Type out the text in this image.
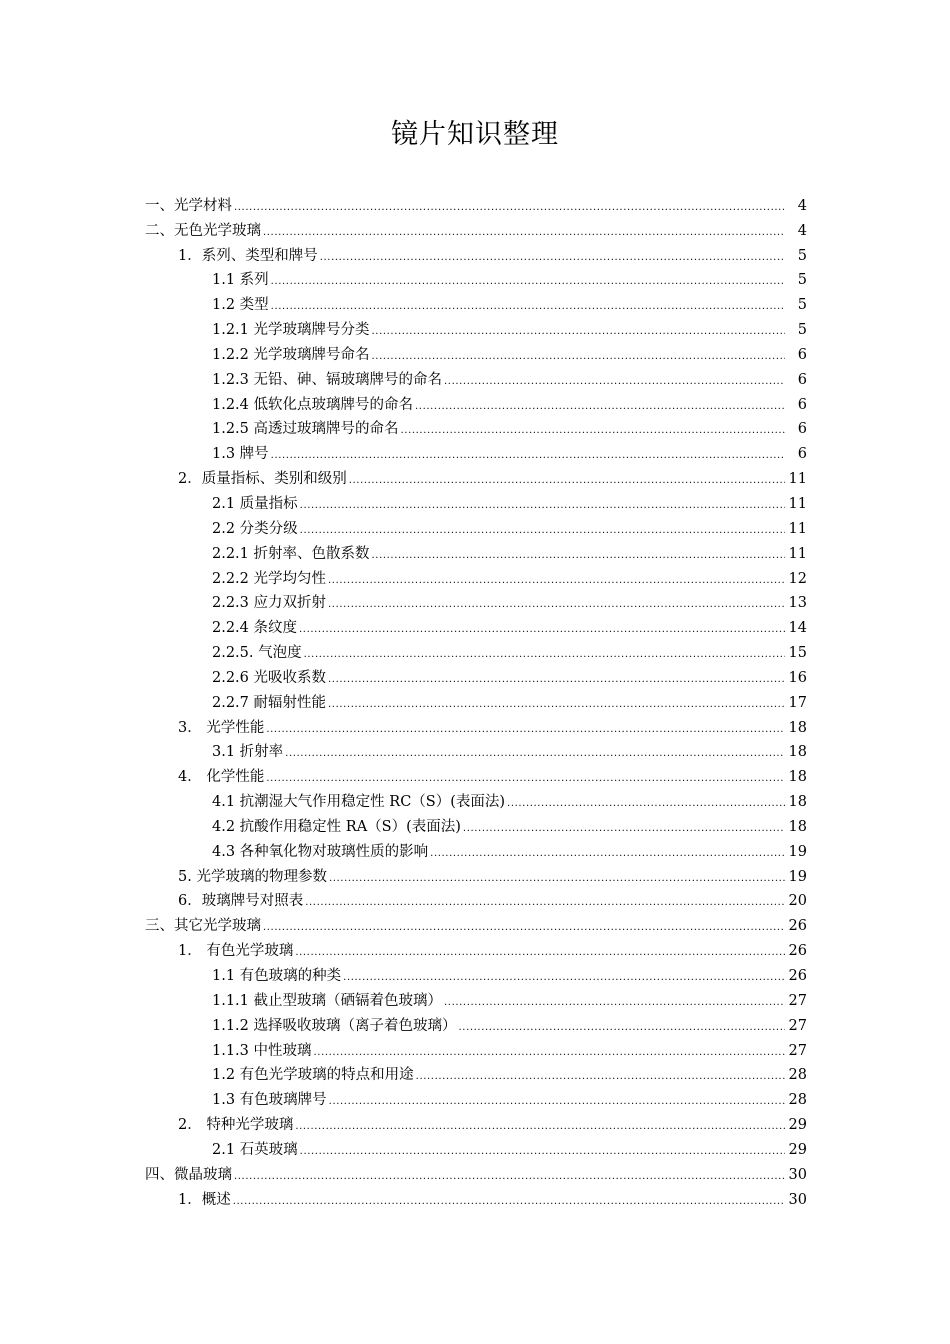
镜片知识整理
一、光学材料 .....	4
二、无色光学玻璃 .....	4
1．系列、类型和牌号 .....	5
1.1 系列 .....	5
1.2 类型 .....	5
1.2.1 光学玻璃牌号分类 .....	5
1.2.2 光学玻璃牌号命名 .....	6
1.2.3 无铅、砷、镉玻璃牌号的命名 .....	6
1.2.4 低软化点玻璃牌号的命名 .....	6
1.2.5 高透过玻璃牌号的命名 .....	6
1.3 牌号 .....	6
2．质量指标、类别和级别 .....	11
2.1 质量指标 .....	11
2.2 分类分级 .....	11
2.2.1 折射率、色散系数 .....	11
2.2.2 光学均匀性 .....	12
2.2.3 应力双折射 .....	13
2.2.4 条纹度 .....	14
2.2.5. 气泡度 .....	15
2.2.6 光吸收系数 .....	16
2.2.7 耐辐射性能 .....	17
3． 光学性能 .....	18
3.1 折射率 .....	18
4． 化学性能 .....	18
4.1 抗潮湿大气作用稳定性 RC（S）(表面法) .....	18
4.2 抗酸作用稳定性 RA（S）(表面法) .....	18
4.3 各种氧化物对玻璃性质的影响 .....	19
5. 光学玻璃的物理参数 .....	19
6．玻璃牌号对照表 .....	20
三、其它光学玻璃 .....	26
1． 有色光学玻璃 .....	26
1.1 有色玻璃的种类 .....	26
1.1.1 截止型玻璃（硒镉着色玻璃） .....	27
1.1.2 选择吸收玻璃（离子着色玻璃） .....	27
1.1.3 中性玻璃 .....	27
1.2 有色光学玻璃的特点和用途 .....	28
1.3 有色玻璃牌号 .....	28
2． 特种光学玻璃 .....	29
2.1 石英玻璃 .....	29
四、微晶玻璃 .....	30
1．概述 .....	30
